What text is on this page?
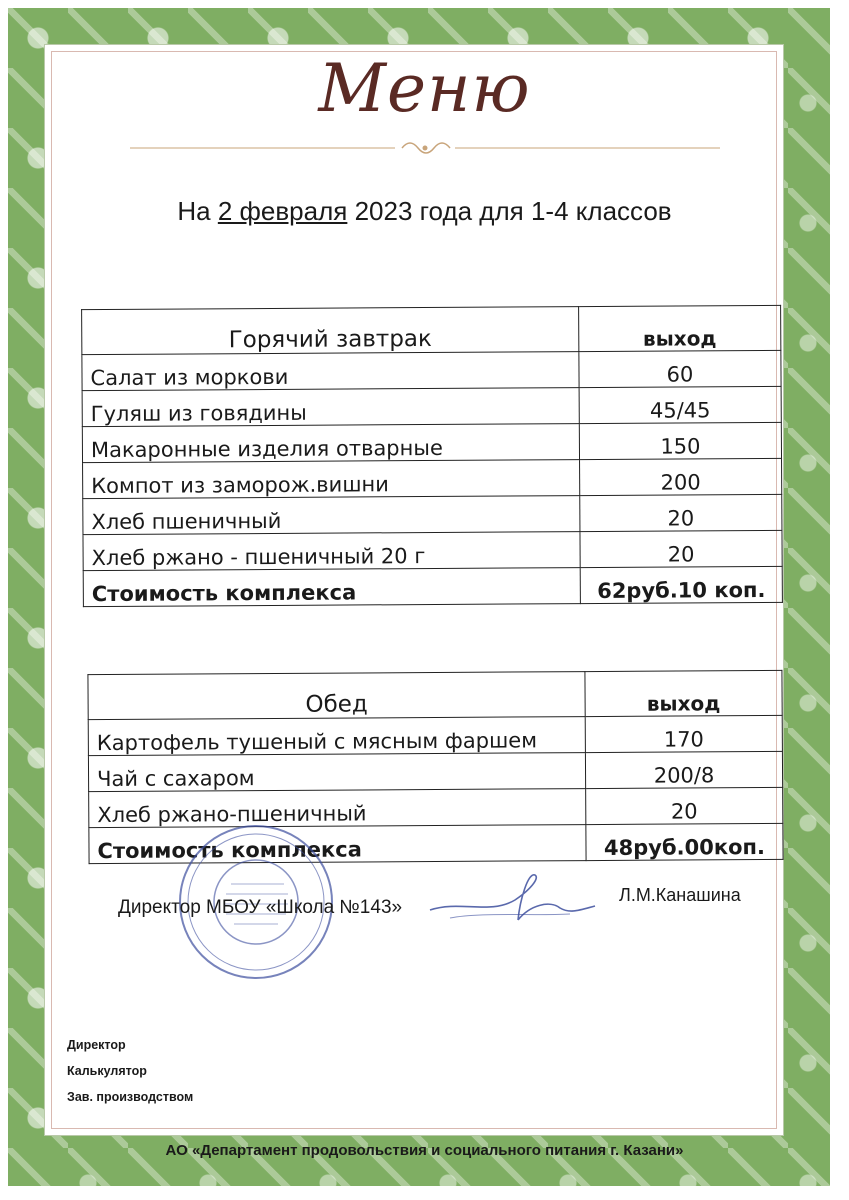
Меню
На 2 февраля 2023 года для 1-4 классов
Горячий завтрак	выход
Салат из моркови	60
Гуляш из говядины	45/45
Макаронные изделия отварные	150
Компот из заморож.вишни	200
Хлеб пшеничный	20
Хлеб ржано - пшеничный 20 г	20
Стоимость комплекса	62руб.10 коп.
Обед	выход
Картофель тушеный с мясным фаршем	170
Чай с сахаром	200/8
Хлеб ржано-пшеничный	20
Стоимость комплекса	48руб.00коп.
Директор МБОУ «Школа №143»
Л.М.Канашина
Директор
Калькулятор
Зав. производством
АО «Департамент продовольствия и социального питания г. Казани»
